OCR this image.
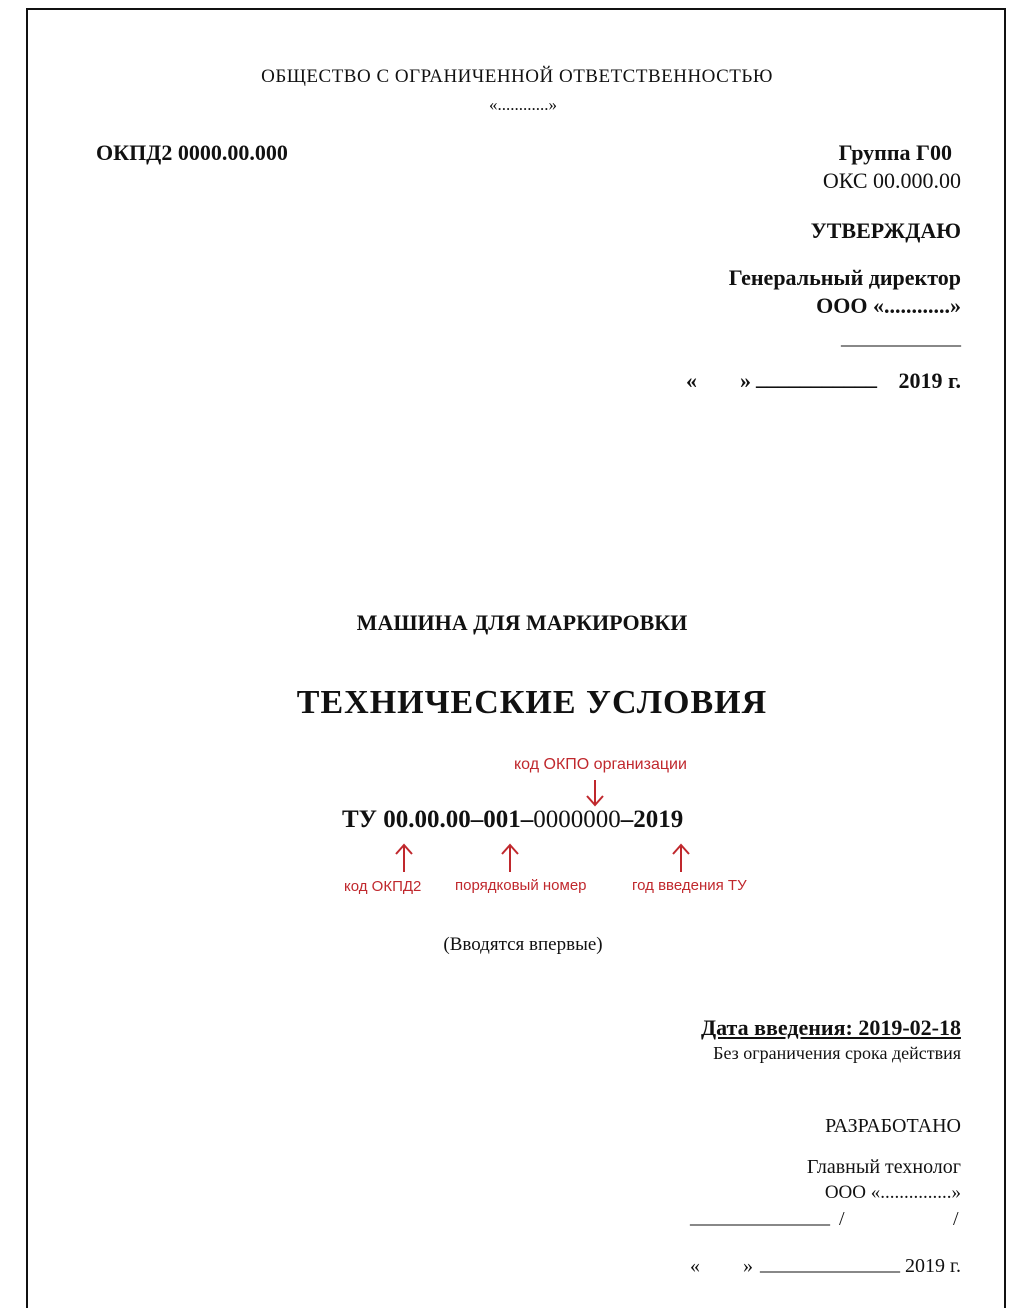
ОБЩЕСТВО С ОГРАНИЧЕННОЙ ОТВЕТСТВЕННОСТЬЮ
«............»
ОКПД2 0000.00.000	Группа Г00
ОКС 00.000.00
УТВЕРЖДАЮ
Генеральный директор
ООО «............»
____________
« » ___________ 2019 г.
МАШИНА ДЛЯ МАРКИРОВКИ
ТЕХНИЧЕСКИЕ УСЛОВИЯ
код ОКПО организации
ТУ 00.00.00–001–0000000–2019
код ОКПД2 порядковый номер	год введения ТУ
(Вводятся впервые)
Дата введения: 2019-02-18
Без ограничения срока действия
РАЗРАБОТАНО
Главный технолог
ООО «...............»
______________ /	/
« » ______________ 2019 г.
